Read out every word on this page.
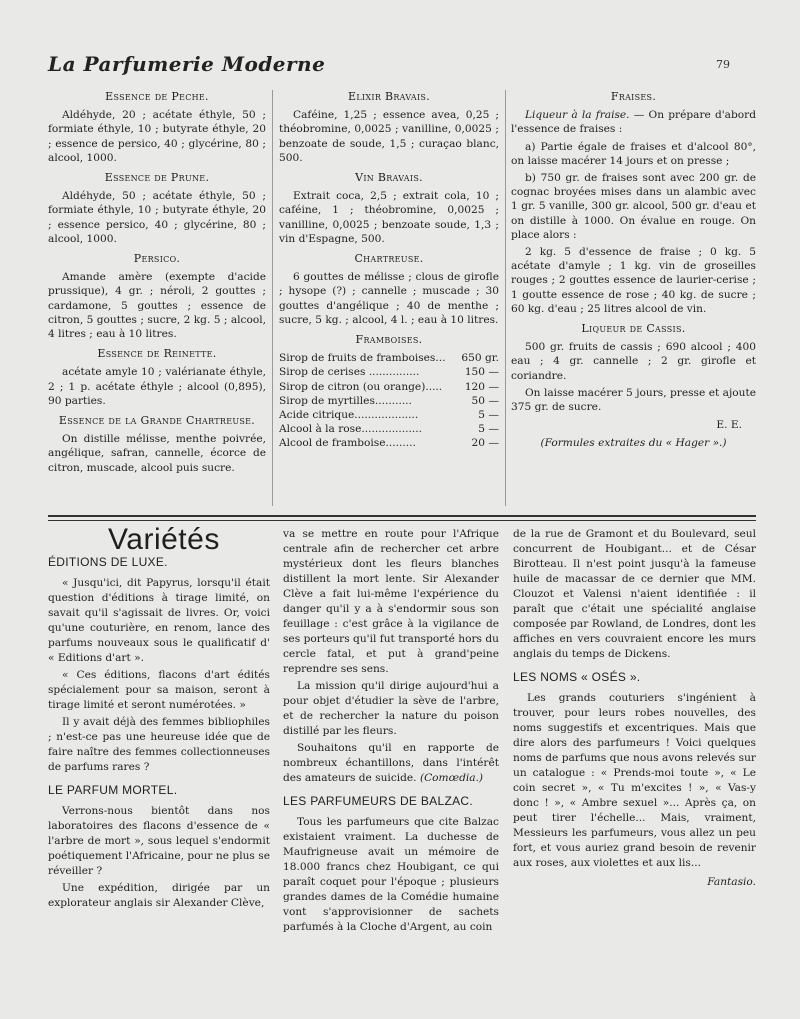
La Parfumerie Moderne	79
Essence de Peche.

Aldéhyde, 20 ; acétate éthyle, 50 ; formiate éthyle, 10 ; butyrate éthyle, 20 ; essence de persico, 40 ; glycérine, 80 ; alcool, 1000.

Essence de Prune.

Aldéhyde, 50 ; acétate éthyle, 50 ; formiate éthyle, 10 ; butyrate éthyle, 20 ; essence persico, 40 ; glycérine, 80 ; alcool, 1000.

Persico.

Amande amère (exempte d'acide prussique), 4 gr. ; néroli, 2 gouttes ; cardamone, 5 gouttes ; essence de citron, 5 gouttes ; sucre, 2 kg. 5 ; alcool, 4 litres ; eau à 10 litres.

Essence de Reinette.

acétate amyle 10 ; valérianate éthyle, 2 ; 1 p. acétate éthyle ; alcool (0,895), 90 parties.

Essence de la Grande Chartreuse.

On distille mélisse, menthe poivrée, angélique, safran, cannelle, écorce de citron, muscade, alcool puis sucre.

Elixir Bravais.

Caféine, 1,25 ; essence avea, 0,25 ; théobromine, 0,0025 ; vanilline, 0,0025 ; benzoate de soude, 1,5 ; curaçao blanc, 500.

Vin Bravais.

Extrait coca, 2,5 ; extrait cola, 10 ; caféine, 1 ; théobromine, 0,0025 ; vanilline, 0,0025 ; benzoate soude, 1,3 ; vin d'Espagne, 500.

Chartreuse.

6 gouttes de mélisse ; clous de girofle ; hysope (?) ; cannelle ; muscade ; 30 gouttes d'angélique ; 40 de menthe ; sucre, 5 kg. ; alcool, 4 l. ; eau à 10 litres.

Framboises.
Sirop de fruits de framboises...	650 gr.
Sirop de cerises ...............	150 —
Sirop de citron (ou orange).....	120 —
Sirop de myrtilles...........	50 —
Acide citrique...................	5 —
Alcool à la rose..................	5 —
Alcool de framboise.........	20 —
Fraises.

Liqueur à la fraise. — On prépare d'abord l'essence de fraises :

a) Partie égale de fraises et d'alcool 80°, on laisse macérer 14 jours et on presse ;

b) 750 gr. de fraises sont avec 200 gr. de cognac broyées mises dans un alambic avec 1 gr. 5 vanille, 300 gr. alcool, 500 gr. d'eau et on distille à 1000. On évalue en rouge. On place alors :

2 kg. 5 d'essence de fraise ; 0 kg. 5 acétate d'amyle ; 1 kg. vin de groseilles rouges ; 2 gouttes essence de laurier-cerise ; 1 goutte essence de rose ; 40 kg. de sucre ; 60 kg. d'eau ; 25 litres alcool de vin.

Liqueur de Cassis.

500 gr. fruits de cassis ; 690 alcool ; 400 eau ; 4 gr. cannelle ; 2 gr. girofle et coriandre.

On laisse macérer 5 jours, presse et ajoute 375 gr. de sucre.

E. E.
(Formules extraites du « Hager ».)
Variétés
ÉDITIONS DE LUXE.

« Jusqu'ici, dit Papyrus, lorsqu'il était question d'éditions à tirage limité, on savait qu'il s'agissait de livres. Or, voici qu'une couturière, en renom, lance des parfums nouveaux sous le qualificatif d' « Editions d'art ».

« Ces éditions, flacons d'art édités spécialement pour sa maison, seront à tirage limité et seront numérotées. »

Il y avait déjà des femmes bibliophiles ; n'est-ce pas une heureuse idée que de faire naître des femmes collectionneuses de parfums rares ?

LE PARFUM MORTEL.

Verrons-nous bientôt dans nos laboratoires des flacons d'essence de « l'arbre de mort », sous lequel s'endormit poétiquement l'Africaine, pour ne plus se réveiller ?

Une expédition, dirigée par un explorateur anglais sir Alexander Clève,

va se mettre en route pour l'Afrique centrale afin de rechercher cet arbre mystérieux dont les fleurs blanches distillent la mort lente. Sir Alexander Clève a fait lui-même l'expérience du danger qu'il y a à s'endormir sous son feuillage : c'est grâce à la vigilance de ses porteurs qu'il fut transporté hors du cercle fatal, et put à grand'peine reprendre ses sens.

La mission qu'il dirige aujourd'hui a pour objet d'étudier la sève de l'arbre, et de rechercher la nature du poison distillé par les fleurs.

Souhaitons qu'il en rapporte de nombreux échantillons, dans l'intérêt des amateurs de suicide. (Comœdia.)

LES PARFUMEURS DE BALZAC.

Tous les parfumeurs que cite Balzac existaient vraiment. La duchesse de Maufrigneuse avait un mémoire de 18.000 francs chez Houbigant, ce qui paraît coquet pour l'époque ; plusieurs grandes dames de la Comédie humaine vont s'approvisionner de sachets parfumés à la Cloche d'Argent, au coin

de la rue de Gramont et du Boulevard, seul concurrent de Houbigant... et de César Birotteau. Il n'est point jusqu'à la fameuse huile de macassar de ce dernier que MM. Clouzot et Valensi n'aient identifiée : il paraît que c'était une spécialité anglaise composée par Rowland, de Londres, dont les affiches en vers couvraient encore les murs anglais du temps de Dickens.

LES NOMS « OSÉS ».

Les grands couturiers s'ingénient à trouver, pour leurs robes nouvelles, des noms suggestifs et excentriques. Mais que dire alors des parfumeurs ! Voici quelques noms de parfums que nous avons relevés sur un catalogue : « Prends-moi toute », « Le coin secret », « Tu m'excites ! », « Vas-y donc ! », « Ambre sexuel »... Après ça, on peut tirer l'échelle... Mais, vraiment, Messieurs les parfumeurs, vous allez un peu fort, et vous auriez grand besoin de revenir aux roses, aux violettes et aux lis...

Fantasio.
